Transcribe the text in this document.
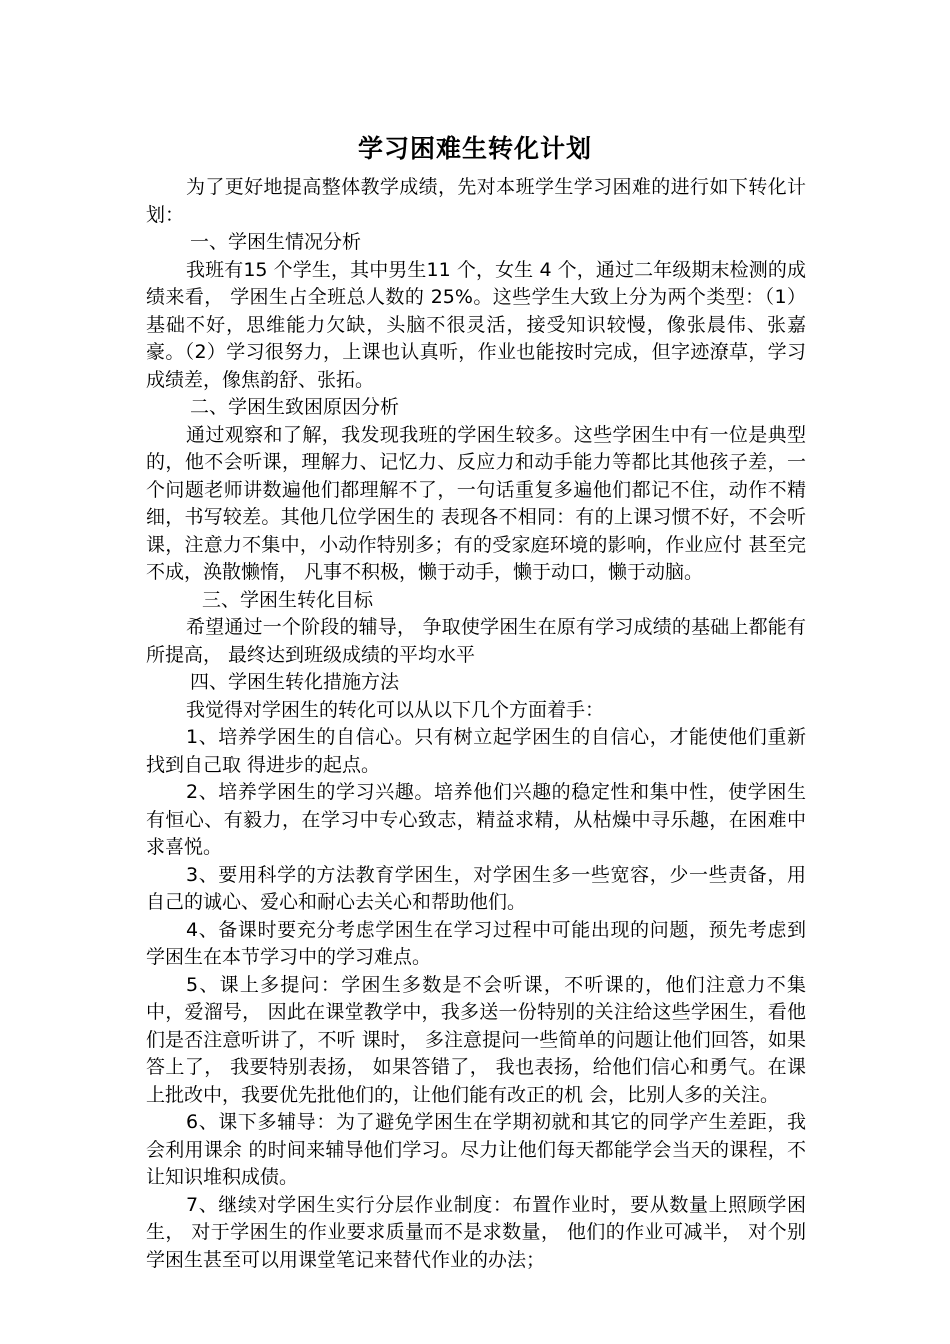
学习困难生转化计划

为了更好地提高整体教学成绩，先对本班学生学习困难的进行如下转化计划：

一、学困生情况分析

我班有15 个学生，其中男生11 个，女生 4 个，通过二年级期末检测的成绩来看， 学困生占全班总人数的 25%。这些学生大致上分为两个类型：（1）基础不好，思维能力欠缺，头脑不很灵活，接受知识较慢，像张晨伟、张嘉豪。（2）学习很努力，上课也认真听，作业也能按时完成，但字迹潦草，学习成绩差，像焦韵舒、张拓。

二、学困生致困原因分析

通过观察和了解，我发现我班的学困生较多。这些学困生中有一位是典型的，他不会听课，理解力、记忆力、反应力和动手能力等都比其他孩子差，一个问题老师讲数遍他们都理解不了，一句话重复多遍他们都记不住，动作不精细，书写较差。其他几位学困生的 表现各不相同：有的上课习惯不好，不会听课，注意力不集中，小动作特别多；有的受家庭环境的影响，作业应付 甚至完不成，涣散懒惰， 凡事不积极，懒于动手，懒于动口，懒于动脑。

三、学困生转化目标

希望通过一个阶段的辅导， 争取使学困生在原有学习成绩的基础上都能有所提高， 最终达到班级成绩的平均水平

四、学困生转化措施方法

我觉得对学困生的转化可以从以下几个方面着手：

1、培养学困生的自信心。只有树立起学困生的自信心，才能使他们重新找到自己取 得进步的起点。

2、培养学困生的学习兴趣。培养他们兴趣的稳定性和集中性，使学困生有恒心、有毅力，在学习中专心致志，精益求精，从枯燥中寻乐趣，在困难中求喜悦。

3、要用科学的方法教育学困生，对学困生多一些宽容，少一些责备，用自己的诚心、爱心和耐心去关心和帮助他们。

4、备课时要充分考虑学困生在学习过程中可能出现的问题，预先考虑到学困生在本节学习中的学习难点。

5、课上多提问：学困生多数是不会听课，不听课的，他们注意力不集中，爱溜号， 因此在课堂教学中，我多送一份特别的关注给这些学困生，看他们是否注意听讲了，不听 课时， 多注意提问一些简单的问题让他们回答，如果答上了， 我要特别表扬， 如果答错了， 我也表扬，给他们信心和勇气。在课上批改中，我要优先批他们的，让他们能有改正的机 会，比别人多的关注。

6、课下多辅导：为了避免学困生在学期初就和其它的同学产生差距，我会利用课余 的时间来辅导他们学习。尽力让他们每天都能学会当天的课程，不让知识堆积成债。

7、继续对学困生实行分层作业制度：布置作业时，要从数量上照顾学困生， 对于学困生的作业要求质量而不是求数量， 他们的作业可减半， 对个别学困生甚至可以用课堂笔记来替代作业的办法；
